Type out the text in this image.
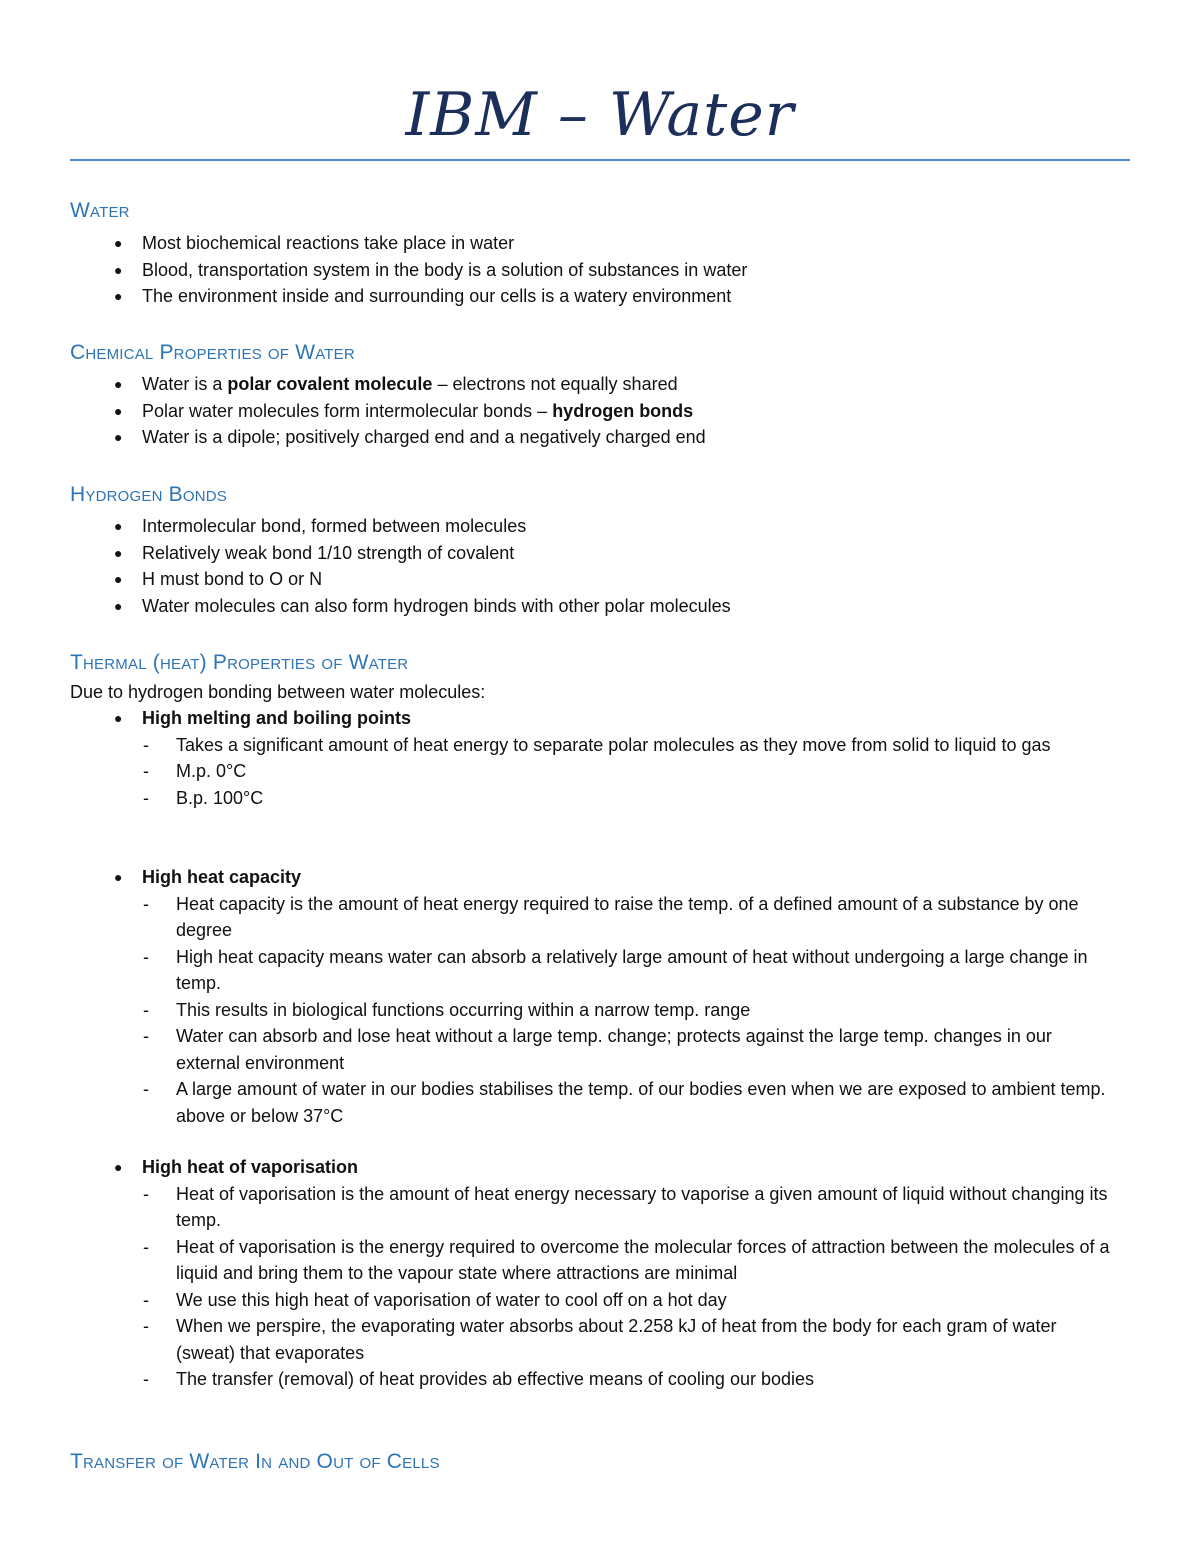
IBM – Water
Water
● Most biochemical reactions take place in water
● Blood, transportation system in the body is a solution of substances in water
● The environment inside and surrounding our cells is a watery environment
Chemical Properties of Water
● Water is a polar covalent molecule – electrons not equally shared
● Polar water molecules form intermolecular bonds – hydrogen bonds
● Water is a dipole; positively charged end and a negatively charged end
Hydrogen Bonds
● Intermolecular bond, formed between molecules
● Relatively weak bond 1/10 strength of covalent
● H must bond to O or N
● Water molecules can also form hydrogen binds with other polar molecules
Thermal (heat) Properties of Water
Due to hydrogen bonding between water molecules:
● High melting and boiling points
- Takes a significant amount of heat energy to separate polar molecules as they move from solid to liquid to gas
- M.p. 0°C
- B.p. 100°C
● High heat capacity
- Heat capacity is the amount of heat energy required to raise the temp. of a defined amount of a substance by one degree
- High heat capacity means water can absorb a relatively large amount of heat without undergoing a large change in temp.
- This results in biological functions occurring within a narrow temp. range
- Water can absorb and lose heat without a large temp. change; protects against the large temp. changes in our external environment
- A large amount of water in our bodies stabilises the temp. of our bodies even when we are exposed to ambient temp. above or below 37°C
● High heat of vaporisation
- Heat of vaporisation is the amount of heat energy necessary to vaporise a given amount of liquid without changing its temp.
- Heat of vaporisation is the energy required to overcome the molecular forces of attraction between the molecules of a liquid and bring them to the vapour state where attractions are minimal
- We use this high heat of vaporisation of water to cool off on a hot day
- When we perspire, the evaporating water absorbs about 2.258 kJ of heat from the body for each gram of water (sweat) that evaporates
- The transfer (removal) of heat provides ab effective means of cooling our bodies
Transfer of Water In and Out of Cells
